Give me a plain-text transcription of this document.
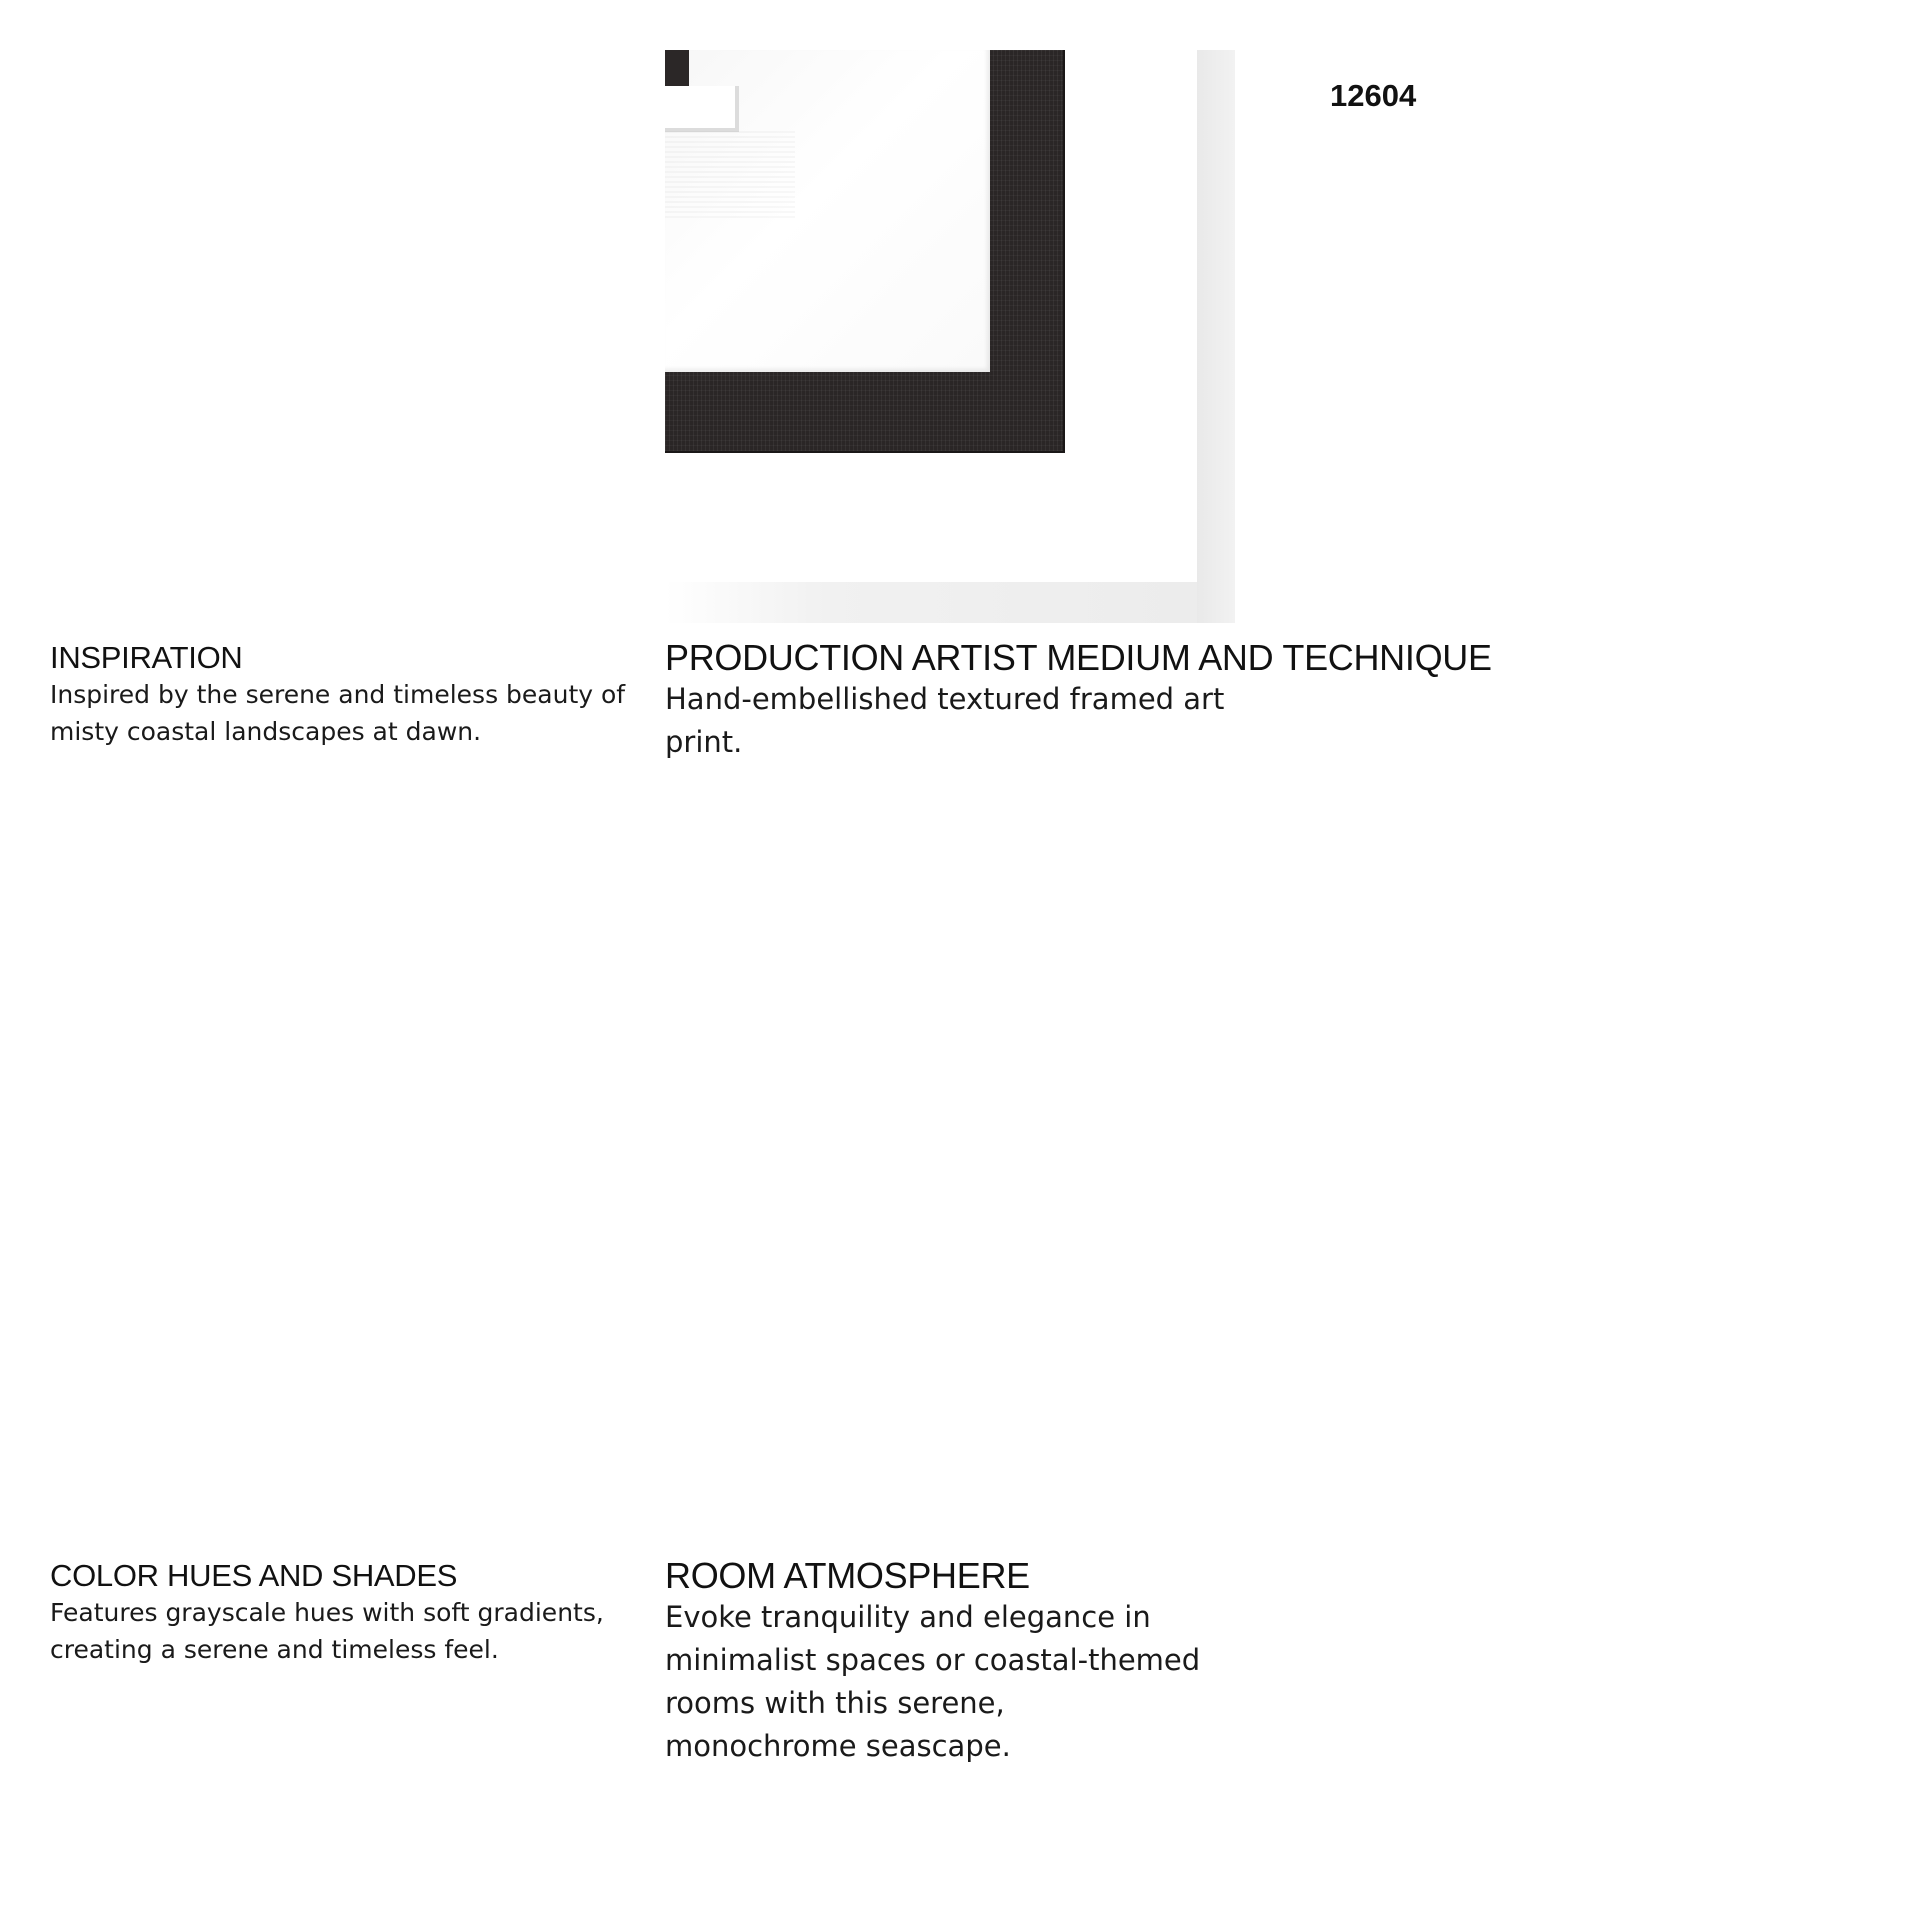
12604
INSPIRATION
Inspired by the serene and timeless beauty of misty coastal landscapes at dawn.
PRODUCTION ARTIST MEDIUM AND TECHNIQUE
Hand-embellished textured framed art print.
COLOR HUES AND SHADES
Features grayscale hues with soft gradients, creating a serene and timeless feel.
ROOM ATMOSPHERE
Evoke tranquility and elegance in minimalist spaces or coastal-themed rooms with this serene, monochrome seascape.
